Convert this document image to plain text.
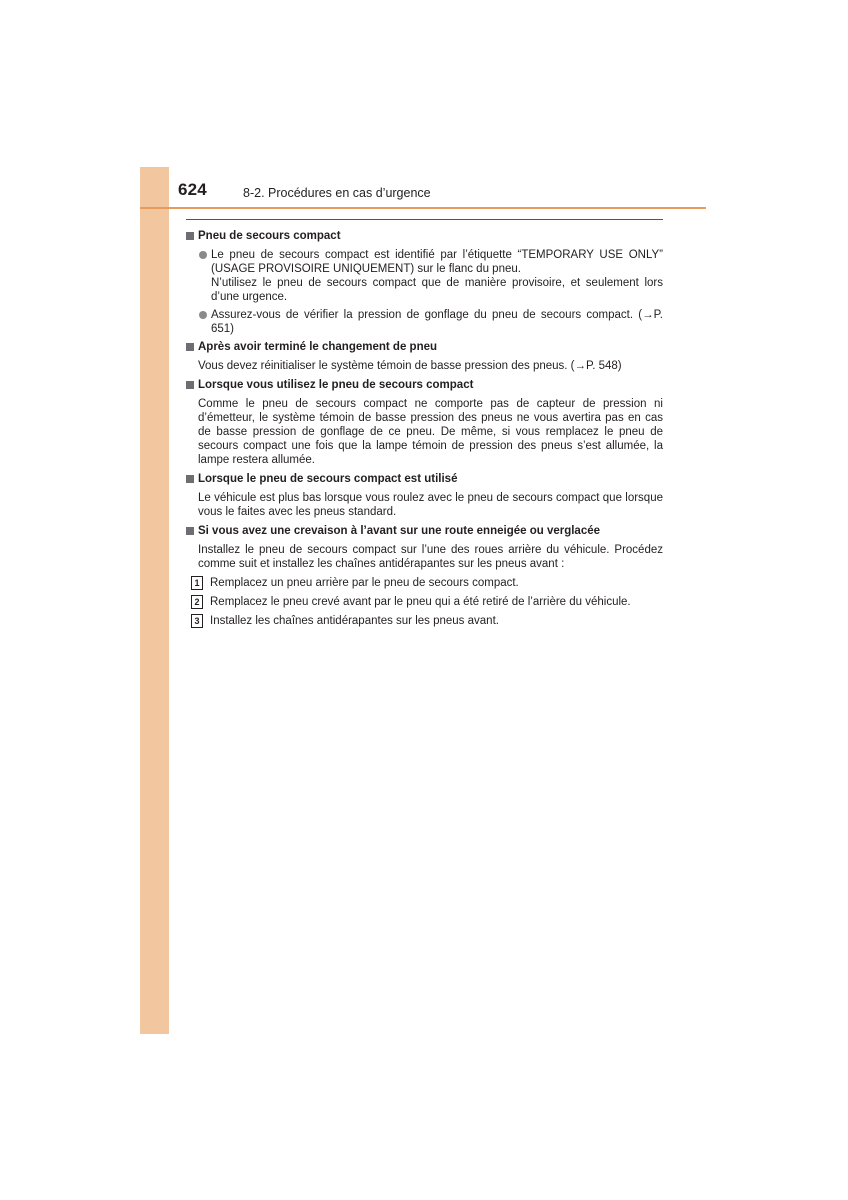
624	8-2. Procédures en cas d’urgence
Pneu de secours compact
Le pneu de secours compact est identifié par l’étiquette “TEMPORARY USE ONLY” (USAGE PROVISOIRE UNIQUEMENT) sur le flanc du pneu.
N’utilisez le pneu de secours compact que de manière provisoire, et seulement lors d’une urgence.
Assurez-vous de vérifier la pression de gonflage du pneu de secours compact. (→P. 651)
Après avoir terminé le changement de pneu
Vous devez réinitialiser le système témoin de basse pression des pneus. (→P. 548)
Lorsque vous utilisez le pneu de secours compact
Comme le pneu de secours compact ne comporte pas de capteur de pression ni d’émetteur, le système témoin de basse pression des pneus ne vous avertira pas en cas de basse pression de gonflage de ce pneu. De même, si vous remplacez le pneu de secours compact une fois que la lampe témoin de pression des pneus s’est allumée, la lampe restera allumée.
Lorsque le pneu de secours compact est utilisé
Le véhicule est plus bas lorsque vous roulez avec le pneu de secours compact que lorsque vous le faites avec les pneus standard.
Si vous avez une crevaison à l’avant sur une route enneigée ou verglacée
Installez le pneu de secours compact sur l’une des roues arrière du véhicule. Procédez comme suit et installez les chaînes antidérapantes sur les pneus avant :
1 Remplacez un pneu arrière par le pneu de secours compact.
2 Remplacez le pneu crevé avant par le pneu qui a été retiré de l’arrière du véhicule.
3 Installez les chaînes antidérapantes sur les pneus avant.
